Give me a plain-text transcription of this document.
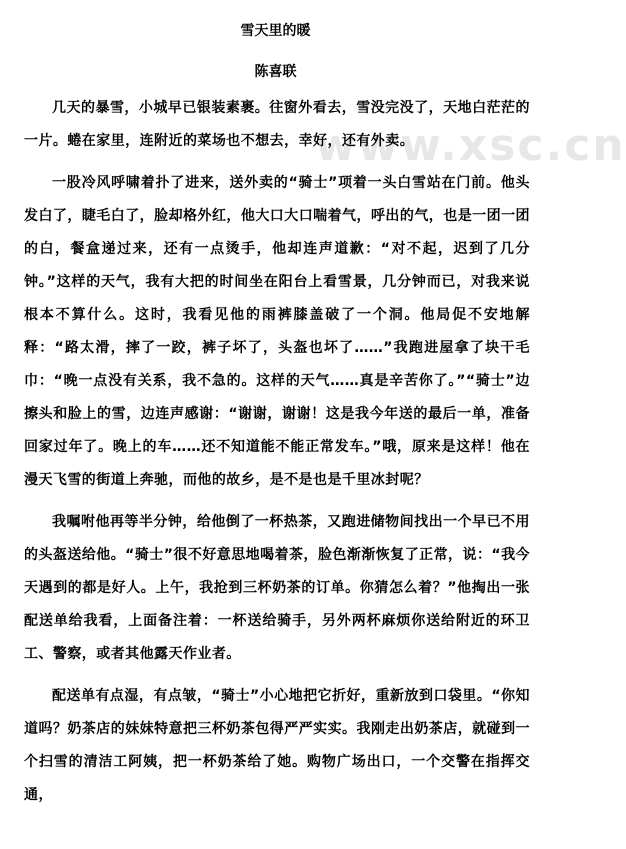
雪天里的暖
陈喜联
www.xsc.cn

几天的暴雪，小城早已银装素裹。往窗外看去，雪没完没了，天地白茫茫的一片。蜷在家里，连附近的菜场也不想去，幸好，还有外卖。

一股冷风呼啸着扑了进来，送外卖的“骑士”项着一头白雪站在门前。他头发白了，睫毛白了，脸却格外红，他大口大口喘着气，呼出的气，也是一团一团的白，餐盒递过来，还有一点烫手，他却连声道歉：“对不起，迟到了几分钟。”这样的天气，我有大把的时间坐在阳台上看雪景，几分钟而已，对我来说根本不算什么。这时，我看见他的雨裤膝盖破了一个洞。他局促不安地解释：“路太滑，摔了一跤，裤子坏了，头盔也坏了……”我跑进屋拿了块干毛巾：“晚一点没有关系，我不急的。这样的天气……真是辛苦你了。”“骑士”边擦头和脸上的雪，边连声感谢：“谢谢，谢谢！这是我今年送的最后一单，准备回家过年了。晚上的车……还不知道能不能正常发车。”哦，原来是这样！他在漫天飞雪的街道上奔驰，而他的故乡，是不是也是千里冰封呢？

我嘱咐他再等半分钟，给他倒了一杯热茶，又跑进储物间找出一个早已不用的头盔送给他。“骑士”很不好意思地喝着茶，脸色渐渐恢复了正常，说：“我今天遇到的都是好人。上午，我抢到三杯奶茶的订单。你猜怎么着？”他掏出一张配送单给我看，上面备注着：一杯送给骑手，另外两杯麻烦你送给附近的环卫工、警察，或者其他露天作业者。

配送单有点湿，有点皱，“骑士”小心地把它折好，重新放到口袋里。“你知道吗？奶茶店的妹妹特意把三杯奶茶包得严严实实。我刚走出奶茶店，就碰到一个扫雪的清洁工阿姨，把一杯奶茶给了她。购物广场出口，一个交警在指挥交通，
